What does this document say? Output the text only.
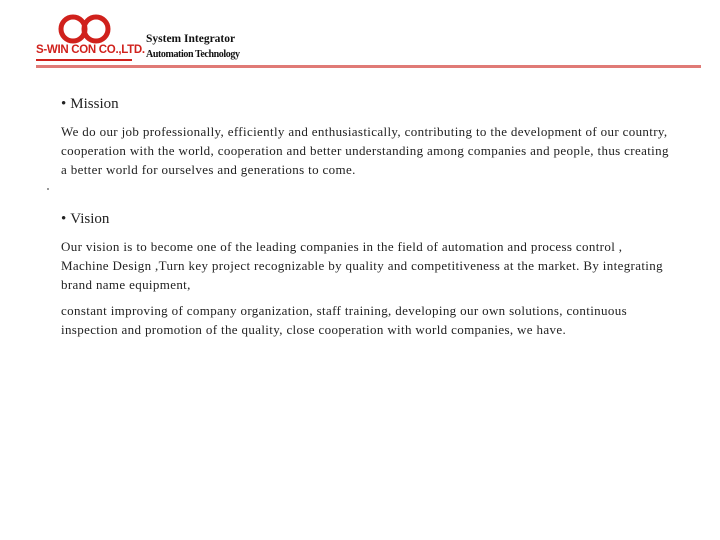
S-WIN CON CO.,LTD.
System Integrator
Automation Technology
• Mission

We do our job professionally, efficiently and enthusiastically, contributing to the development of our country, cooperation with the world, cooperation and better understanding among companies and people, thus creating a better world for ourselves and generations to come.

• Vision

Our vision is to become one of the leading companies in the field of automation and process control , Machine Design ,Turn key project recognizable by quality and competitiveness at the market. By integrating brand name equipment,

constant improving of company organization, staff training, developing our own solutions, continuous inspection and promotion of the quality, close cooperation with world companies, we have.
